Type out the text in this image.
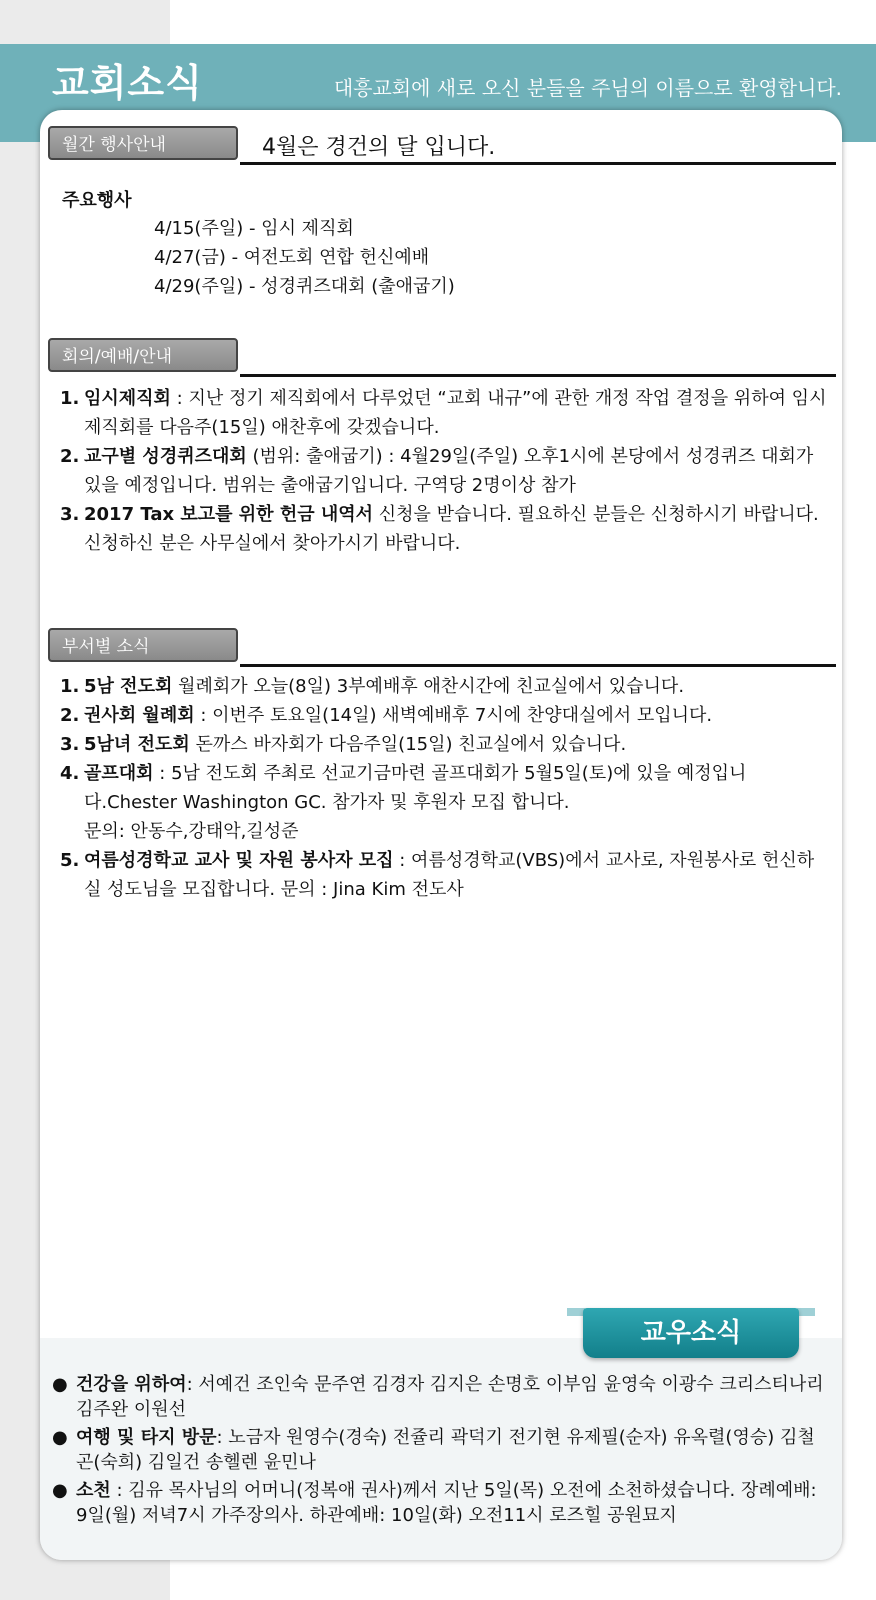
교회소식	대흥교회에 새로 오신 분들을 주님의 이름으로 환영합니다.
월간 행사안내	4월은 경건의 달 입니다.
주요행사
4/15(주일) - 임시 제직회
4/27(금) - 여전도회 연합 헌신예배
4/29(주일) - 성경퀴즈대회 (출애굽기)
회의/예배/안내
1. 임시제직회 : 지난 정기 제직회에서 다루었던 “교회 내규”에 관한 개정 작업 결정을 위하여 임시 제직회를 다음주(15일) 애찬후에 갖겠습니다.
2. 교구별 성경퀴즈대회 (범위: 출애굽기) : 4월29일(주일) 오후1시에 본당에서 성경퀴즈 대회가 있을 예정입니다. 범위는 출애굽기입니다. 구역당 2명이상 참가
3. 2017 Tax 보고를 위한 헌금 내역서 신청을 받습니다. 필요하신 분들은 신청하시기 바랍니다. 신청하신 분은 사무실에서 찾아가시기 바랍니다.
부서별 소식
1. 5남 전도회 월례회가 오늘(8일) 3부예배후 애찬시간에 친교실에서 있습니다.
2. 권사회 월례회 : 이번주 토요일(14일) 새벽예배후 7시에 찬양대실에서 모입니다.
3. 5남녀 전도회 돈까스 바자회가 다음주일(15일) 친교실에서 있습니다.
4. 골프대회 : 5남 전도회 주최로 선교기금마련 골프대회가 5월5일(토)에 있을 예정입니다.Chester Washington GC. 참가자 및 후원자 모집 합니다.
문의: 안동수,강태악,길성준
5. 여름성경학교 교사 및 자원 봉사자 모집 : 여름성경학교(VBS)에서 교사로, 자원봉사로 헌신하실 성도님을 모집합니다. 문의 : Jina Kim 전도사
교우소식
● 건강을 위하여: 서예건 조인숙 문주연 김경자 김지은 손명호 이부임 윤영숙 이광수 크리스티나리 김주완 이원선
● 여행 및 타지 방문: 노금자 원영수(경숙) 전쥴리 곽덕기 전기현 유제필(순자) 유옥렬(영승) 김철곤(숙희) 김일건 송헬렌 윤민나
● 소천 : 김유 목사님의 어머니(정복애 권사)께서 지난 5일(목) 오전에 소천하셨습니다. 장례예배: 9일(월) 저녁7시 가주장의사. 하관예배: 10일(화) 오전11시 로즈힐 공원묘지
